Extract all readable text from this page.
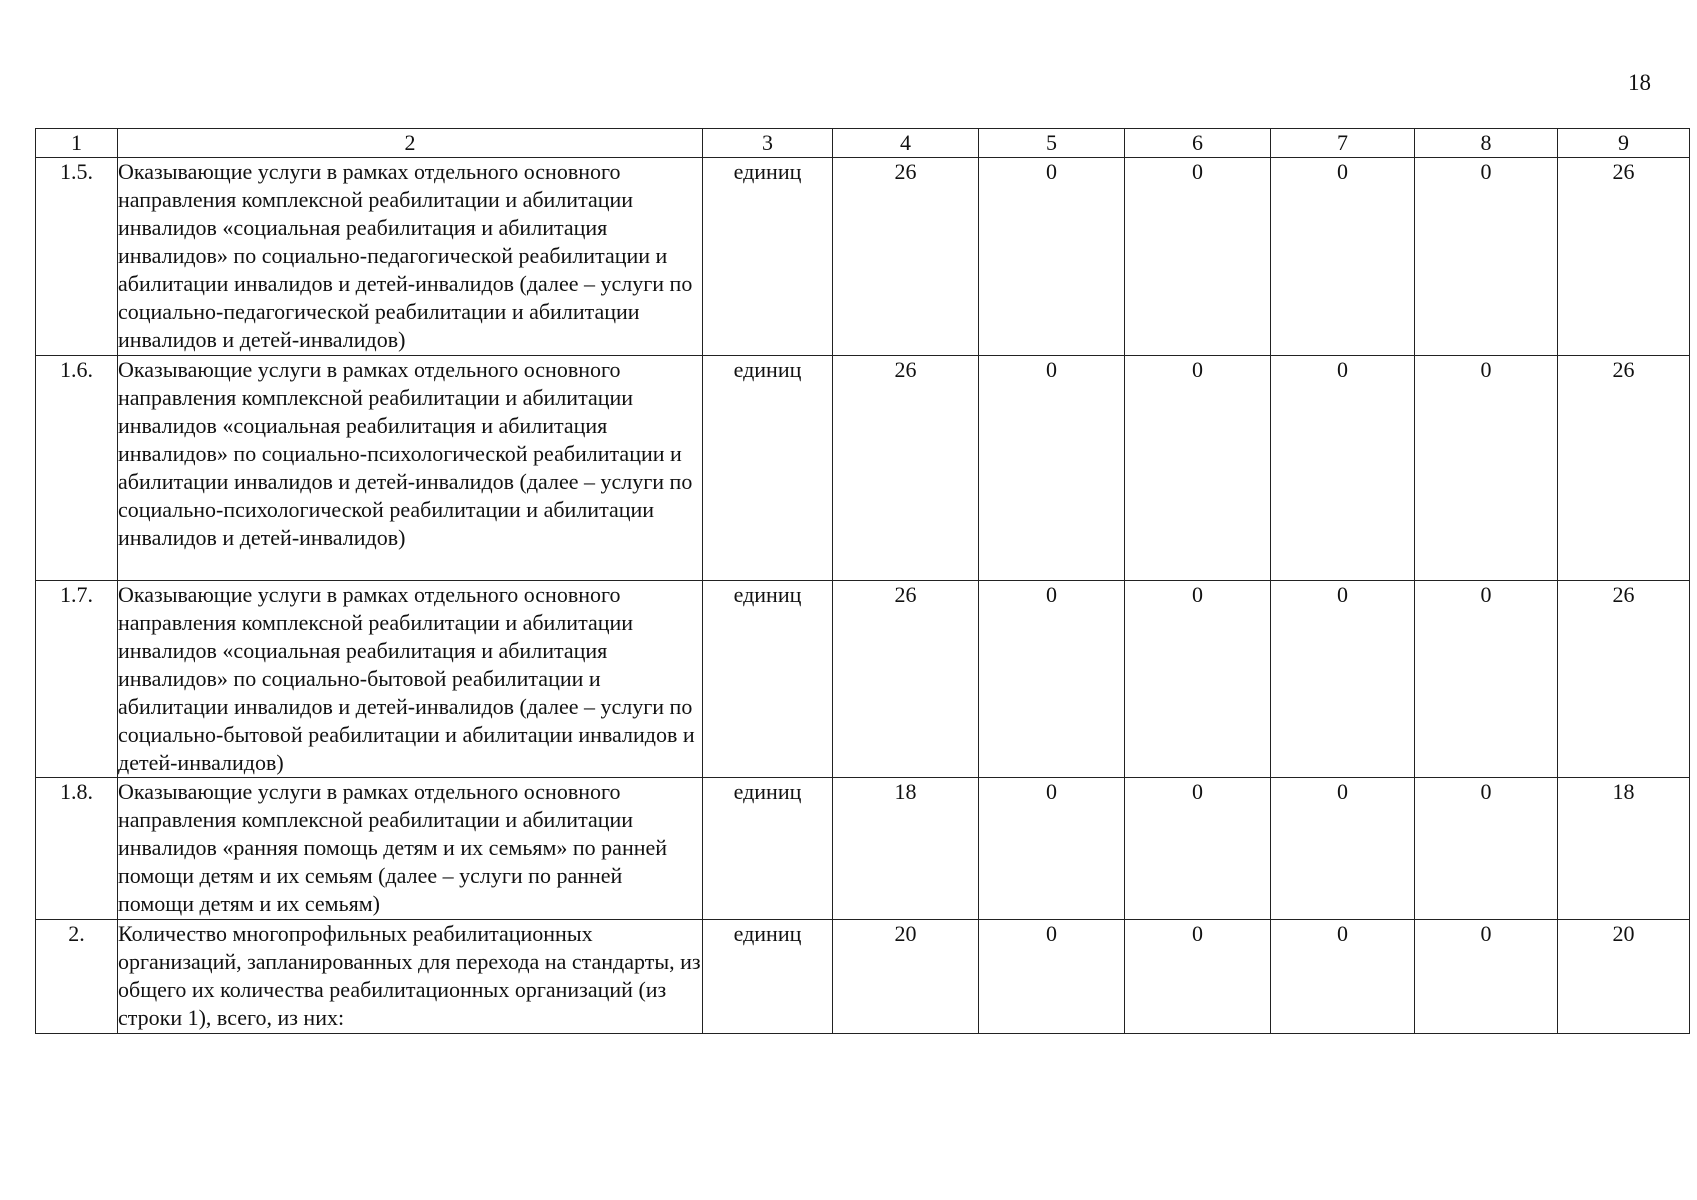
18
1	2	3	4	5	6	7	8	9
1.5.	Оказывающие услуги в рамках отдельного основного направления комплексной реабилитации и абилитации инвалидов «социальная реабилитация и абилитация инвалидов» по социально-педагогической реабилитации и абилитации инвалидов и детей-инвалидов (далее – услуги по социально-педагогической реабилитации и абилитации инвалидов и детей-инвалидов)	единиц	26	0	0	0	0	26
1.6.	Оказывающие услуги в рамках отдельного основного направления комплексной реабилитации и абилитации инвалидов «социальная реабилитация и абилитация инвалидов» по социально-психологической реабилитации и абилитации инвалидов и детей-инвалидов (далее – услуги по социально-психологической реабилитации и абилитации инвалидов и детей-инвалидов)	единиц	26	0	0	0	0	26
1.7.	Оказывающие услуги в рамках отдельного основного направления комплексной реабилитации и абилитации инвалидов «социальная реабилитация и абилитация инвалидов» по социально-бытовой реабилитации и абилитации инвалидов и детей-инвалидов (далее – услуги по социально-бытовой реабилитации и абилитации инвалидов и детей-инвалидов)	единиц	26	0	0	0	0	26
1.8.	Оказывающие услуги в рамках отдельного основного направления комплексной реабилитации и абилитации инвалидов «ранняя помощь детям и их семьям» по ранней помощи детям и их семьям (далее – услуги по ранней помощи детям и их семьям)	единиц	18	0	0	0	0	18
2.	Количество многопрофильных реабилитационных организаций, запланированных для перехода на стандарты, из общего их количества реабилитационных организаций (из строки 1), всего, из них:	единиц	20	0	0	0	0	20
